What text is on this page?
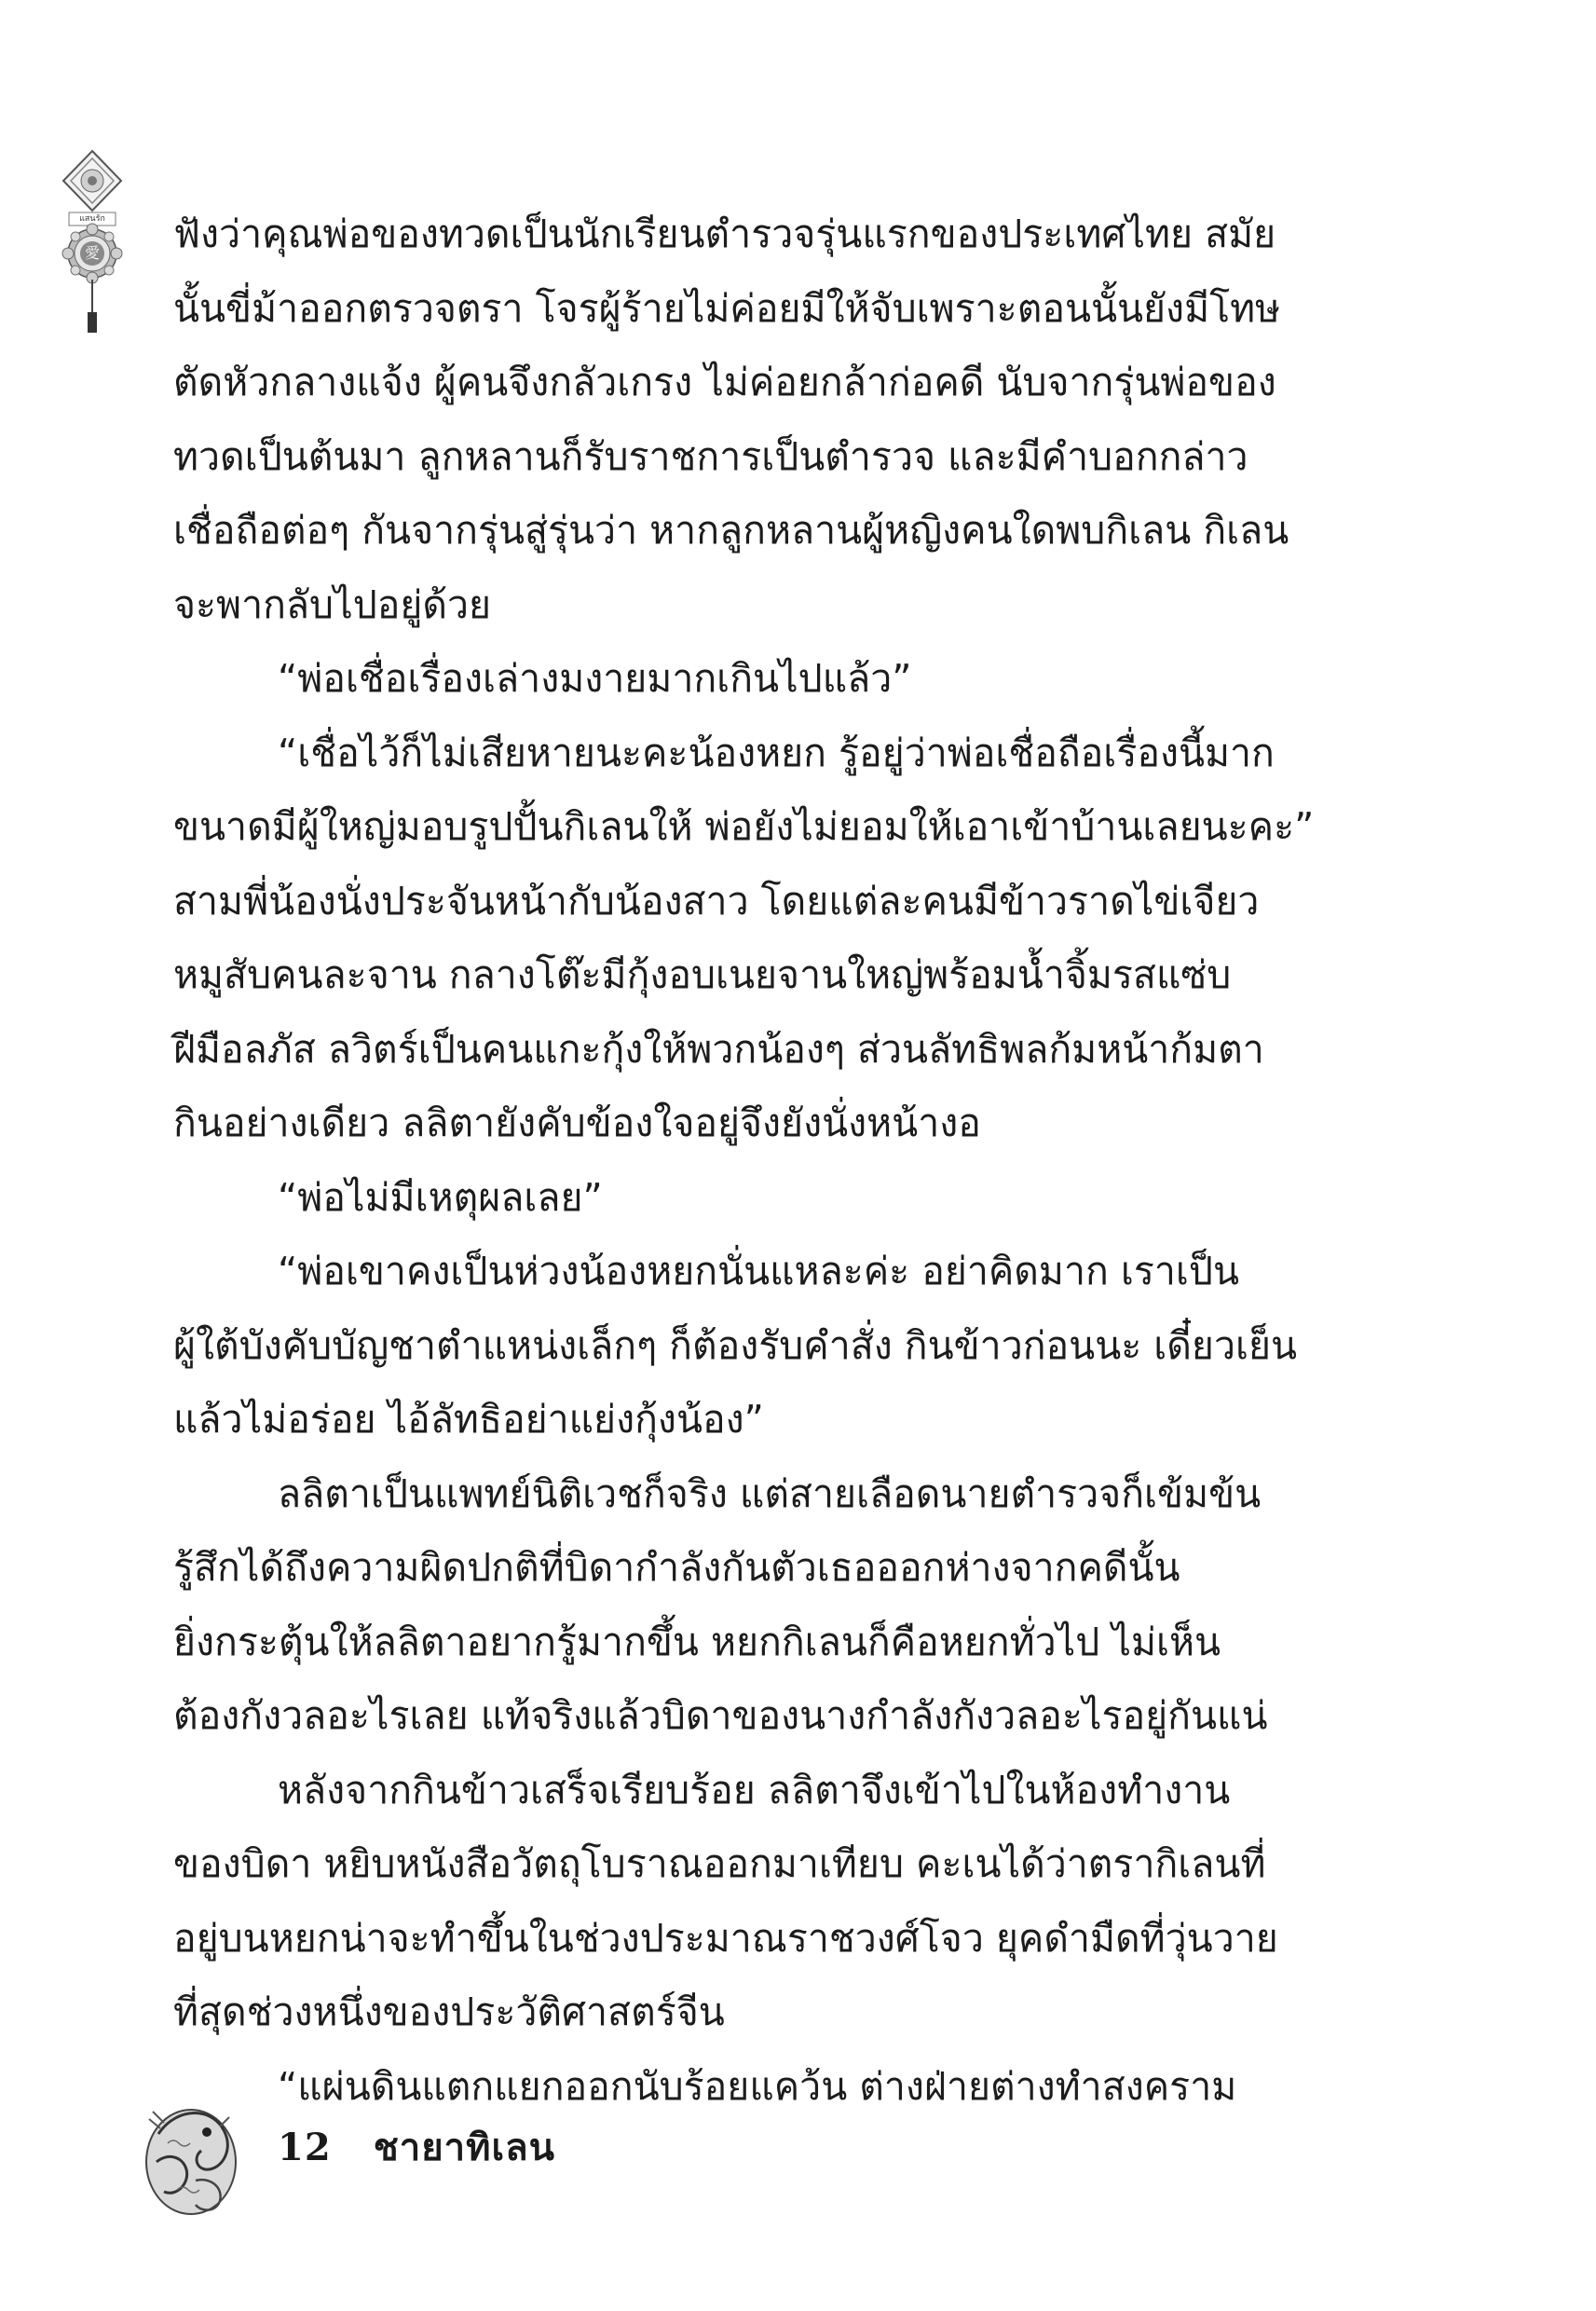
แสนรัก
愛 ฟังว่าคุณพ่อของทวดเป็นนักเรียนตำรวจรุ่นแรกของประเทศไทย สมัย
นั้นขี่ม้าออกตรวจตรา โจรผู้ร้ายไม่ค่อยมีให้จับเพราะตอนนั้นยังมีโทษ
ตัดหัวกลางแจ้ง ผู้คนจึงกลัวเกรง ไม่ค่อยกล้าก่อคดี นับจากรุ่นพ่อของ
ทวดเป็นต้นมา ลูกหลานก็รับราชการเป็นตำรวจ และมีคำบอกกล่าว
เชื่อถือต่อๆ กันจากรุ่นสู่รุ่นว่า หากลูกหลานผู้หญิงคนใดพบกิเลน กิเลน
จะพากลับไปอยู่ด้วย
“พ่อเชื่อเรื่องเล่างมงายมากเกินไปแล้ว”
“เชื่อไว้ก็ไม่เสียหายนะคะน้องหยก รู้อยู่ว่าพ่อเชื่อถือเรื่องนี้มาก
ขนาดมีผู้ใหญ่มอบรูปปั้นกิเลนให้ พ่อยังไม่ยอมให้เอาเข้าบ้านเลยนะคะ”
สามพี่น้องนั่งประจันหน้ากับน้องสาว โดยแต่ละคนมีข้าวราดไข่เจียว
หมูสับคนละจาน กลางโต๊ะมีกุ้งอบเนยจานใหญ่พร้อมน้ำจิ้มรสแซ่บ
ฝีมือลภัส ลวิตร์เป็นคนแกะกุ้งให้พวกน้องๆ ส่วนลัทธิพลก้มหน้าก้มตา
กินอย่างเดียว ลลิตายังคับข้องใจอยู่จึงยังนั่งหน้างอ
“พ่อไม่มีเหตุผลเลย”
“พ่อเขาคงเป็นห่วงน้องหยกนั่นแหละค่ะ อย่าคิดมาก เราเป็น
ผู้ใต้บังคับบัญชาตำแหน่งเล็กๆ ก็ต้องรับคำสั่ง กินข้าวก่อนนะ เดี๋ยวเย็น
แล้วไม่อร่อย ไอ้ลัทธิอย่าแย่งกุ้งน้อง”
ลลิตาเป็นแพทย์นิติเวชก็จริง แต่สายเลือดนายตำรวจก็เข้มข้น
รู้สึกได้ถึงความผิดปกติที่บิดากำลังกันตัวเธอออกห่างจากคดีนั้น
ยิ่งกระตุ้นให้ลลิตาอยากรู้มากขึ้น หยกกิเลนก็คือหยกทั่วไป ไม่เห็น
ต้องกังวลอะไรเลย แท้จริงแล้วบิดาของนางกำลังกังวลอะไรอยู่กันแน่
หลังจากกินข้าวเสร็จเรียบร้อย ลลิตาจึงเข้าไปในห้องทำงาน
ของบิดา หยิบหนังสือวัตถุโบราณออกมาเทียบ คะเนได้ว่าตรากิเลนที่
อยู่บนหยกน่าจะทำขึ้นในช่วงประมาณราชวงศ์โจว ยุคดำมืดที่วุ่นวาย
ที่สุดช่วงหนึ่งของประวัติศาสตร์จีน
“แผ่นดินแตกแยกออกนับร้อยแคว้น ต่างฝ่ายต่างทำสงคราม
12 ชายาทิเลน
